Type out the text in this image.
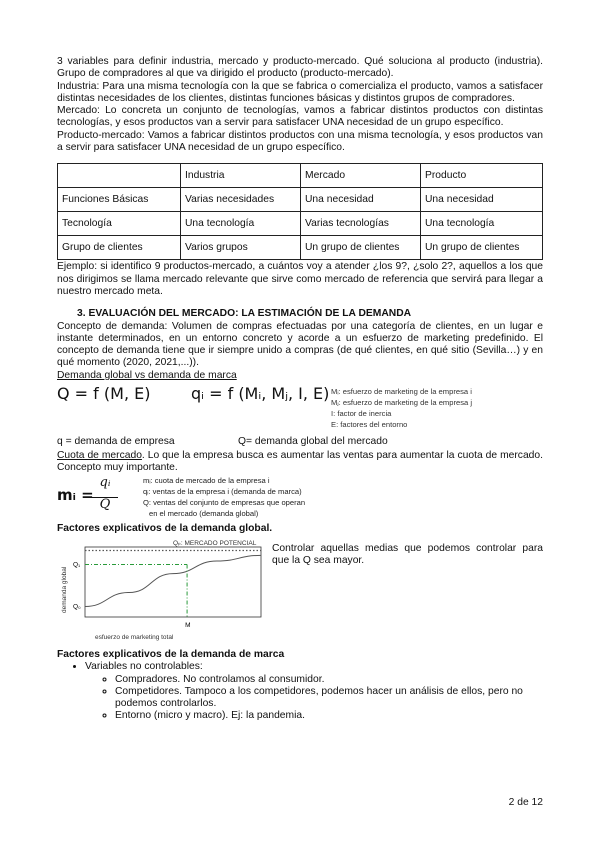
3 variables para definir industria, mercado y producto-mercado. Qué soluciona al producto (industria). Grupo de compradores al que va dirigido el producto (producto-mercado).

Industria: Para una misma tecnología con la que se fabrica o comercializa el producto, vamos a satisfacer distintas necesidades de los clientes, distintas funciones básicas y distintos grupos de compradores.

Mercado: Lo concreta un conjunto de tecnologías, vamos a fabricar distintos productos con distintas tecnologías, y esos productos van a servir para satisfacer UNA necesidad de un grupo específico.

Producto-mercado: Vamos a fabricar distintos productos con una misma tecnología, y esos productos van a servir para satisfacer UNA necesidad de un grupo específico.

	Industria	Mercado	Producto
Funciones Básicas	Varias necesidades	Una necesidad	Una necesidad
Tecnología	Una tecnología	Varias tecnologías	Una tecnología
Grupo de clientes	Varios grupos	Un grupo de clientes	Un grupo de clientes

Ejemplo: si identifico 9 productos-mercado, a cuántos voy a atender ¿los 9?, ¿solo 2?, aquellos a los que nos dirigimos se llama mercado relevante que sirve como mercado de referencia que servirá para llegar a nuestro mercado meta.

3. EVALUACIÓN DEL MERCADO: LA ESTIMACIÓN DE LA DEMANDA

Concepto de demanda: Volumen de compras efectuadas por una categoría de clientes, en un lugar e instante determinados, en un entorno concreto y acorde a un esfuerzo de marketing predefinido. El concepto de demanda tiene que ir siempre unido a compras (de qué clientes, en qué sitio (Sevilla…) y en qué momento (2020, 2021,...)).

Demanda global vs demanda de marca
Q = f (M, E)	qᵢ = f (Mᵢ, Mⱼ, I, E) Mᵢ: esfuerzo de marketing de la empresa i
Mⱼ: esfuerzo de marketing de la empresa j
I: factor de inercia
E: factores del entorno
q = demanda de empresa	Q= demanda global del mercado

Cuota de mercado. Lo que la empresa busca es aumentar las ventas para aumentar la cuota de mercado. Concepto muy importante.

mᵢ =
qᵢ
Q
mᵢ: cuota de mercado de la empresa i
qᵢ: ventas de la empresa i (demanda de marca)
Q: ventas del conjunto de empresas que operan
en el mercado (demanda global)
Factores explicativos de la demanda global.
Qₚ: MERCADO POTENCIAL
Q₁
Q₀
M
esfuerzo de marketing total
demanda global

Controlar aquellas medias que podemos controlar para que la Q sea mayor.

Factores explicativos de la demanda de marca
• Variables no controlables:
◦ Compradores. No controlamos al consumidor.
◦ Competidores. Tampoco a los competidores, podemos hacer un análisis de ellos, pero no podemos controlarlos.
◦ Entorno (micro y macro). Ej: la pandemia.
2 de 12
